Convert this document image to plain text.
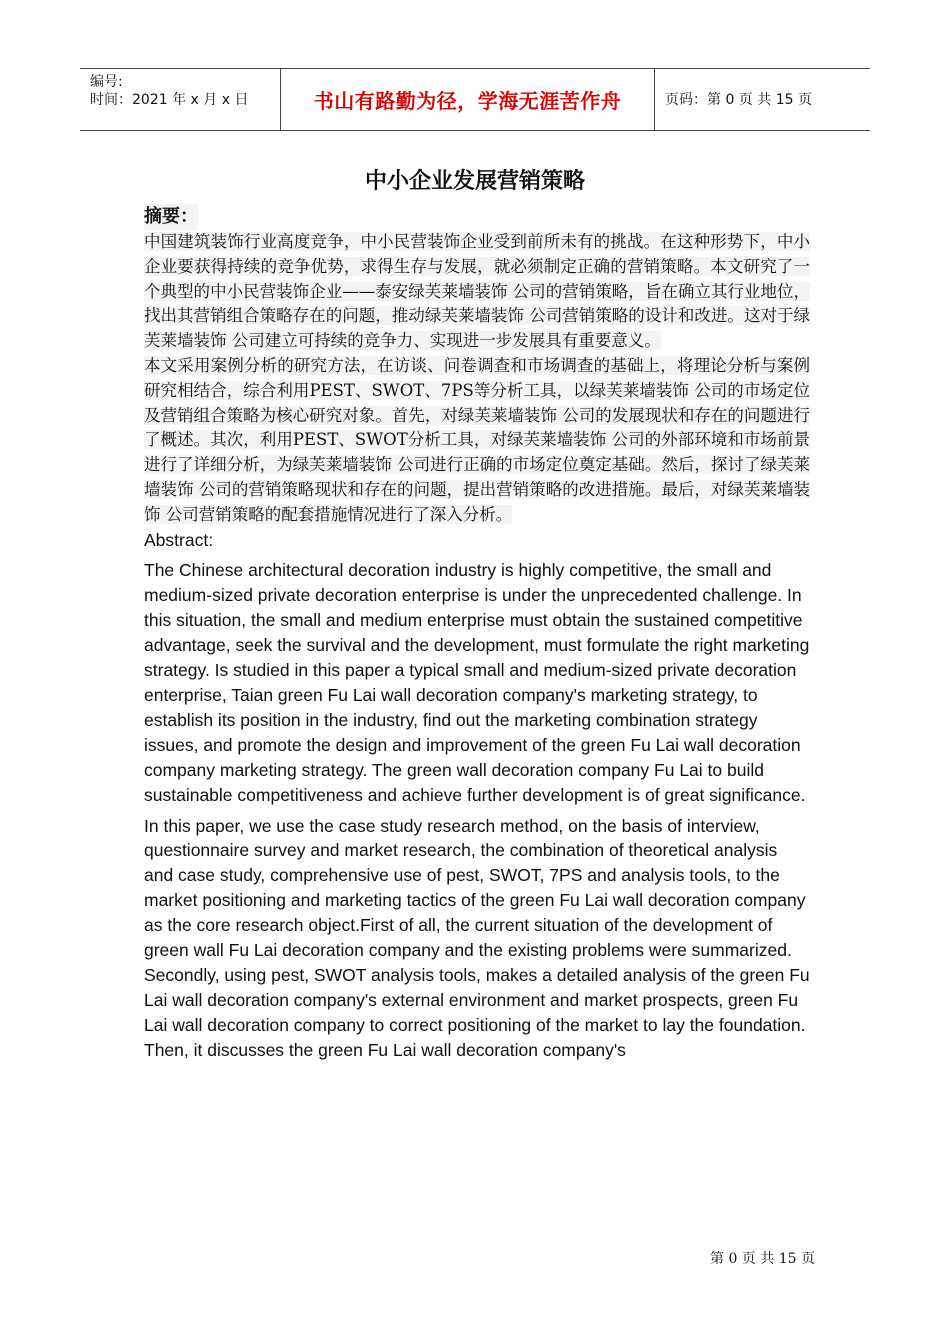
编号:
时间：2021 年 x 月 x 日	书山有路勤为径，学海无涯苦作舟	页码：第 0 页 共 15 页
中小企业发展营销策略
摘要：

中国建筑装饰行业高度竞争，中小民营装饰企业受到前所未有的挑战。在这种形势下，中小企业要获得持续的竞争优势，求得生存与发展，就必须制定正确的营销策略。本文研究了一个典型的中小民营装饰企业——泰安绿芙莱墙装饰 公司的营销策略，旨在确立其行业地位，找出其营销组合策略存在的问题，推动绿芙莱墙装饰 公司营销策略的设计和改进。这对于绿芙莱墙装饰 公司建立可持续的竞争力、实现进一步发展具有重要意义。

本文采用案例分析的研究方法，在访谈、问卷调查和市场调查的基础上，将理论分析与案例研究相结合，综合利用PEST、SWOT、7PS等分析工具，以绿芙莱墙装饰 公司的市场定位及营销组合策略为核心研究对象。首先，对绿芙莱墙装饰 公司的发展现状和存在的问题进行了概述。其次，利用PEST、SWOT分析工具，对绿芙莱墙装饰 公司的外部环境和市场前景进行了详细分析，为绿芙莱墙装饰 公司进行正确的市场定位奠定基础。然后，探讨了绿芙莱墙装饰 公司的营销策略现状和存在的问题，提出营销策略的改进措施。最后，对绿芙莱墙装饰 公司营销策略的配套措施情况进行了深入分析。

Abstract:

The Chinese architectural decoration industry is highly competitive, the small and medium-sized private decoration enterprise is under the unprecedented challenge. In this situation, the small and medium enterprise must obtain the sustained competitive advantage, seek the survival and the development, must formulate the right marketing strategy. Is studied in this paper a typical small and medium-sized private decoration enterprise, Taian green Fu Lai wall decoration company's marketing strategy, to establish its position in the industry, find out the marketing combination strategy issues, and promote the design and improvement of the green Fu Lai wall decoration company marketing strategy. The green wall decoration company Fu Lai to build sustainable competitiveness and achieve further development is of great significance.

In this paper, we use the case study research method, on the basis of interview, questionnaire survey and market research, the combination of theoretical analysis and case study, comprehensive use of pest, SWOT, 7PS and analysis tools, to the market positioning and marketing tactics of the green Fu Lai wall decoration company as the core research object.First of all, the current situation of the development of green wall Fu Lai decoration company and the existing problems were summarized. Secondly, using pest, SWOT analysis tools, makes a detailed analysis of the green Fu Lai wall decoration company's external environment and market prospects, green Fu Lai wall decoration company to correct positioning of the market to lay the foundation. Then, it discusses the green Fu Lai wall decoration company's

第 0 页 共 15 页
